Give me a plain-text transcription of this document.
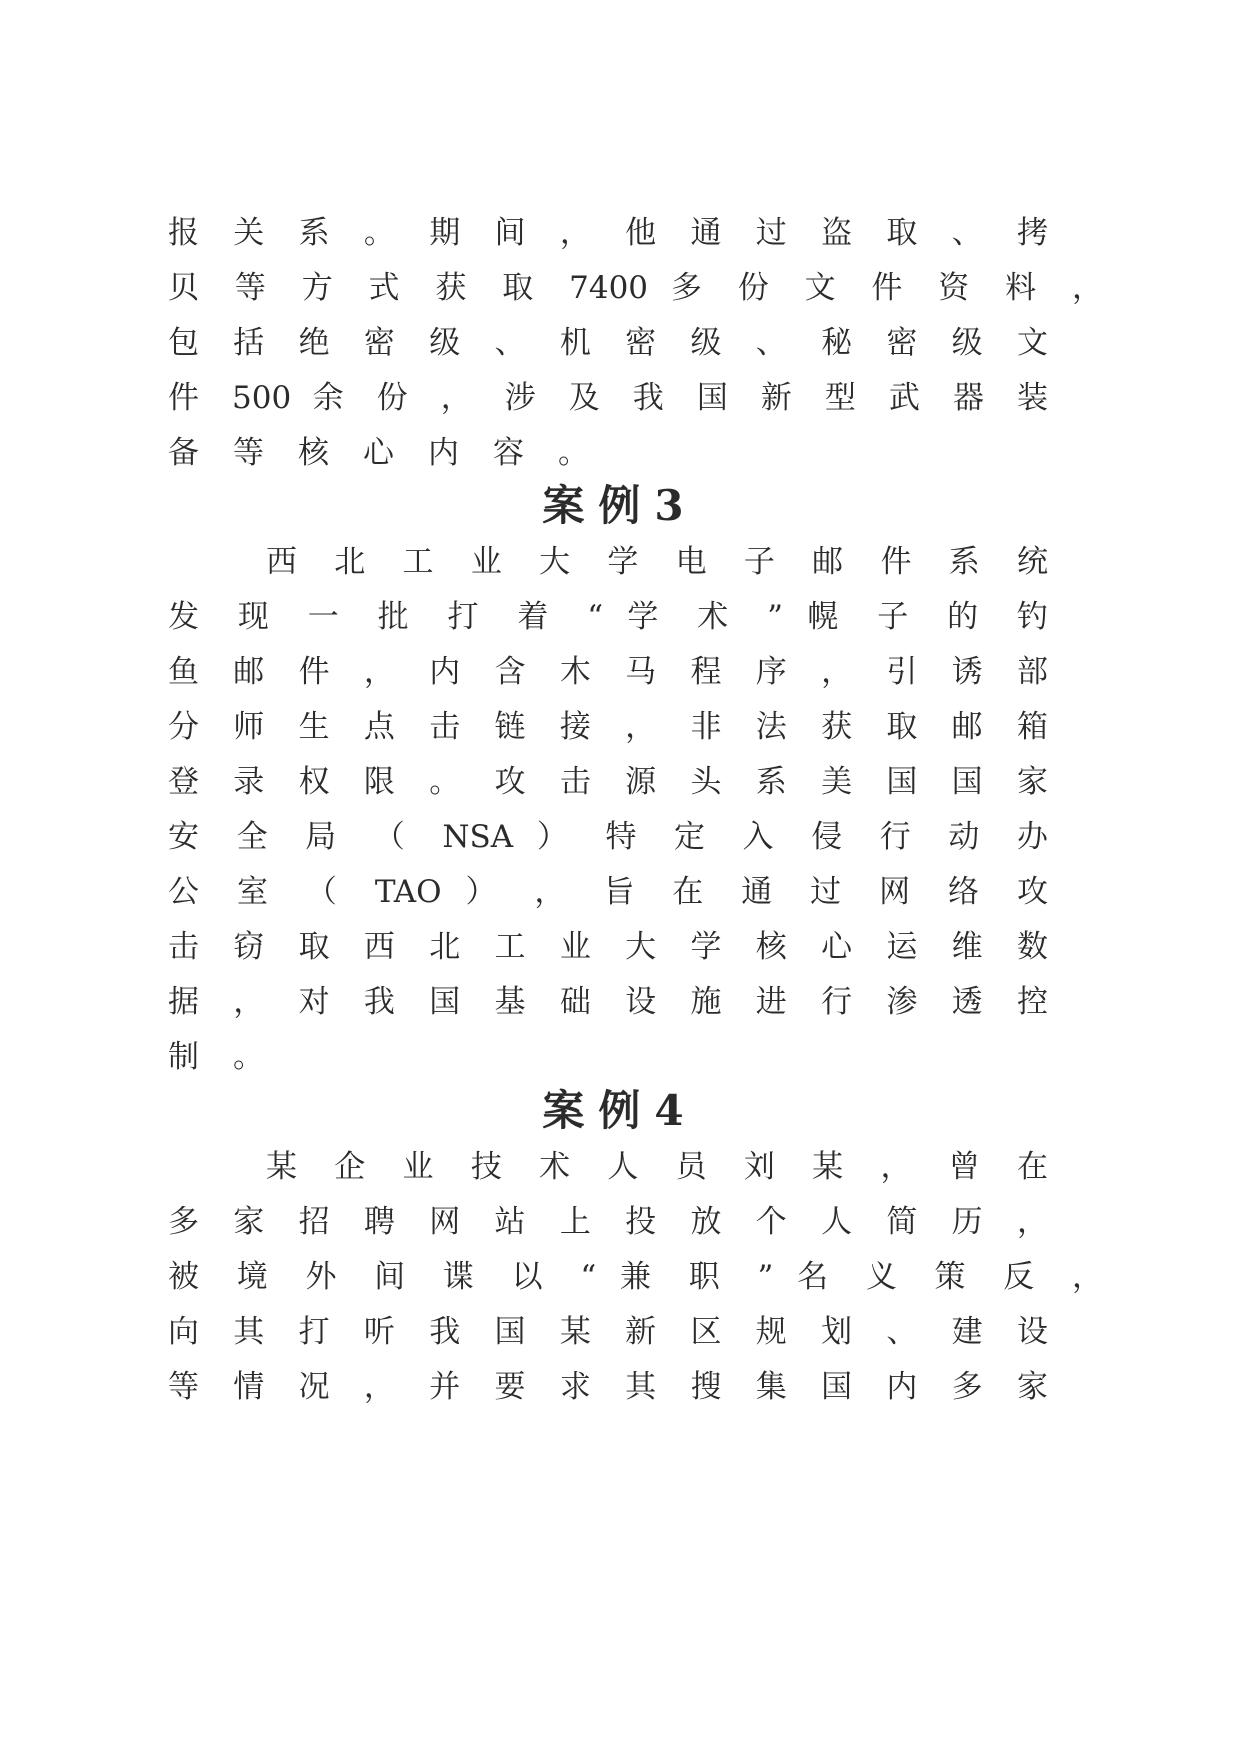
报 关 系 。 期 间 ， 他 通 过 盗 取 、 拷
贝 等 方 式 获 取 7400 多 份 文 件 资 料 ，
包 括 绝 密 级 、 机 密 级 、 秘 密 级 文
件 500 余 份 ， 涉 及 我 国 新 型 武 器 装
备等核心内容。
案例3
西 北 工 业 大 学 电 子 邮 件 系 统
发 现 一 批 打 着 “ 学 术 ” 幌 子 的 钓
鱼 邮 件 ， 内 含 木 马 程 序 ， 引 诱 部
分 师 生 点 击 链 接 ， 非 法 获 取 邮 箱
登 录 权 限 。 攻 击 源 头 系 美 国 国 家
安 全 局 （ NSA ） 特 定 入 侵 行 动 办
公 室 （ TAO ） ， 旨 在 通 过 网 络 攻
击 窃 取 西 北 工 业 大 学 核 心 运 维 数
据 ， 对 我 国 基 础 设 施 进 行 渗 透 控
制。
案例4
某 企 业 技 术 人 员 刘 某 ， 曾 在
多 家 招 聘 网 站 上 投 放 个 人 简 历 ，
被 境 外 间 谍 以 “ 兼 职 ” 名 义 策 反 ，
向 其 打 听 我 国 某 新 区 规 划 、 建 设
等 情 况 ， 并 要 求 其 搜 集 国 内 多 家
